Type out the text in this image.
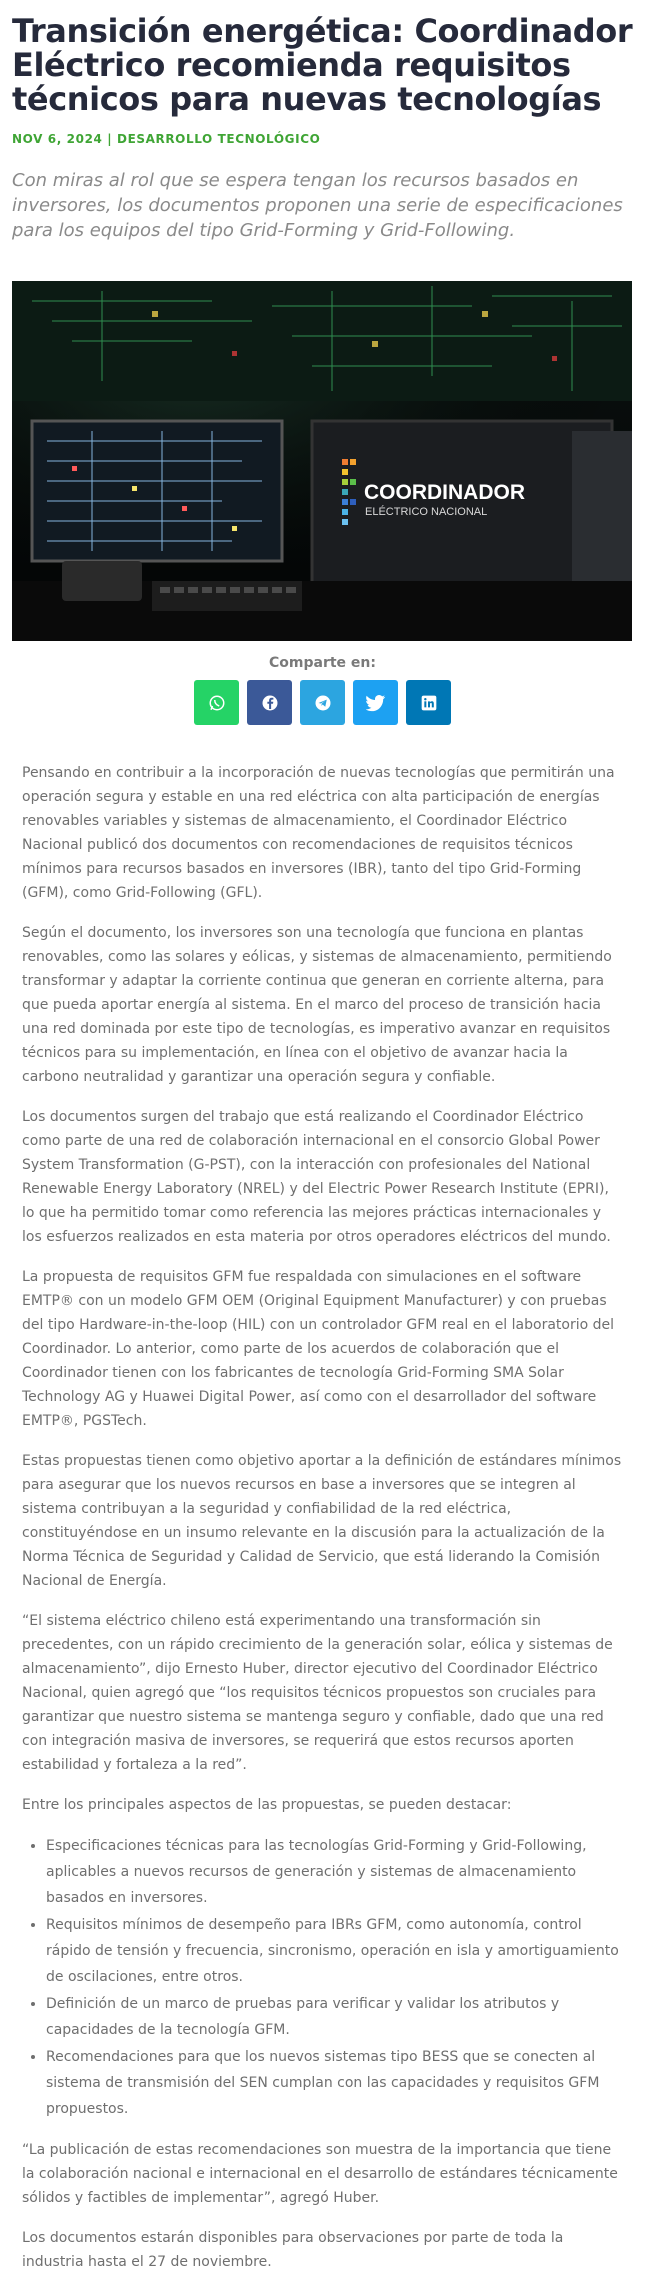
Transición energética: Coordinador Eléctrico recomienda requisitos técnicos para nuevas tecnologías
NOV 6, 2024 | DESARROLLO TECNOLÓGICO
Con miras al rol que se espera tengan los recursos basados en inversores, los documentos proponen una serie de especificaciones para los equipos del tipo Grid-Forming y Grid-Following.
COORDINADOR
ELÉCTRICO NACIONAL
Comparte en:

Pensando en contribuir a la incorporación de nuevas tecnologías que permitirán una operación segura y estable en una red eléctrica con alta participación de energías renovables variables y sistemas de almacenamiento, el Coordinador Eléctrico Nacional publicó dos documentos con recomendaciones de requisitos técnicos mínimos para recursos basados en inversores (IBR), tanto del tipo Grid-Forming (GFM), como Grid-Following (GFL).

Según el documento, los inversores son una tecnología que funciona en plantas renovables, como las solares y eólicas, y sistemas de almacenamiento, permitiendo transformar y adaptar la corriente continua que generan en corriente alterna, para que pueda aportar energía al sistema. En el marco del proceso de transición hacia una red dominada por este tipo de tecnologías, es imperativo avanzar en requisitos técnicos para su implementación, en línea con el objetivo de avanzar hacia la carbono neutralidad y garantizar una operación segura y confiable.

Los documentos surgen del trabajo que está realizando el Coordinador Eléctrico como parte de una red de colaboración internacional en el consorcio Global Power System Transformation (G-PST), con la interacción con profesionales del National Renewable Energy Laboratory (NREL) y del Electric Power Research Institute (EPRI), lo que ha permitido tomar como referencia las mejores prácticas internacionales y los esfuerzos realizados en esta materia por otros operadores eléctricos del mundo.

La propuesta de requisitos GFM fue respaldada con simulaciones en el software EMTP® con un modelo GFM OEM (Original Equipment Manufacturer) y con pruebas del tipo Hardware-in-the-loop (HIL) con un controlador GFM real en el laboratorio del Coordinador. Lo anterior, como parte de los acuerdos de colaboración que el Coordinador tienen con los fabricantes de tecnología Grid-Forming SMA Solar Technology AG y Huawei Digital Power, así como con el desarrollador del software EMTP®, PGSTech.

Estas propuestas tienen como objetivo aportar a la definición de estándares mínimos para asegurar que los nuevos recursos en base a inversores que se integren al sistema contribuyan a la seguridad y confiabilidad de la red eléctrica, constituyéndose en un insumo relevante en la discusión para la actualización de la Norma Técnica de Seguridad y Calidad de Servicio, que está liderando la Comisión Nacional de Energía.

“El sistema eléctrico chileno está experimentando una transformación sin precedentes, con un rápido crecimiento de la generación solar, eólica y sistemas de almacenamiento”, dijo Ernesto Huber, director ejecutivo del Coordinador Eléctrico Nacional, quien agregó que “los requisitos técnicos propuestos son cruciales para garantizar que nuestro sistema se mantenga seguro y confiable, dado que una red con integración masiva de inversores, se requerirá que estos recursos aporten estabilidad y fortaleza a la red”.

Entre los principales aspectos de las propuestas, se pueden destacar:

• Especificaciones técnicas para las tecnologías Grid-Forming y Grid-Following, aplicables a nuevos recursos de generación y sistemas de almacenamiento basados en inversores.
• Requisitos mínimos de desempeño para IBRs GFM, como autonomía, control rápido de tensión y frecuencia, sincronismo, operación en isla y amortiguamiento de oscilaciones, entre otros.
• Definición de un marco de pruebas para verificar y validar los atributos y capacidades de la tecnología GFM.
• Recomendaciones para que los nuevos sistemas tipo BESS que se conecten al sistema de transmisión del SEN cumplan con las capacidades y requisitos GFM propuestos.

“La publicación de estas recomendaciones son muestra de la importancia que tiene la colaboración nacional e internacional en el desarrollo de estándares técnicamente sólidos y factibles de implementar”, agregó Huber.

Los documentos estarán disponibles para observaciones por parte de toda la industria hasta el 27 de noviembre.
